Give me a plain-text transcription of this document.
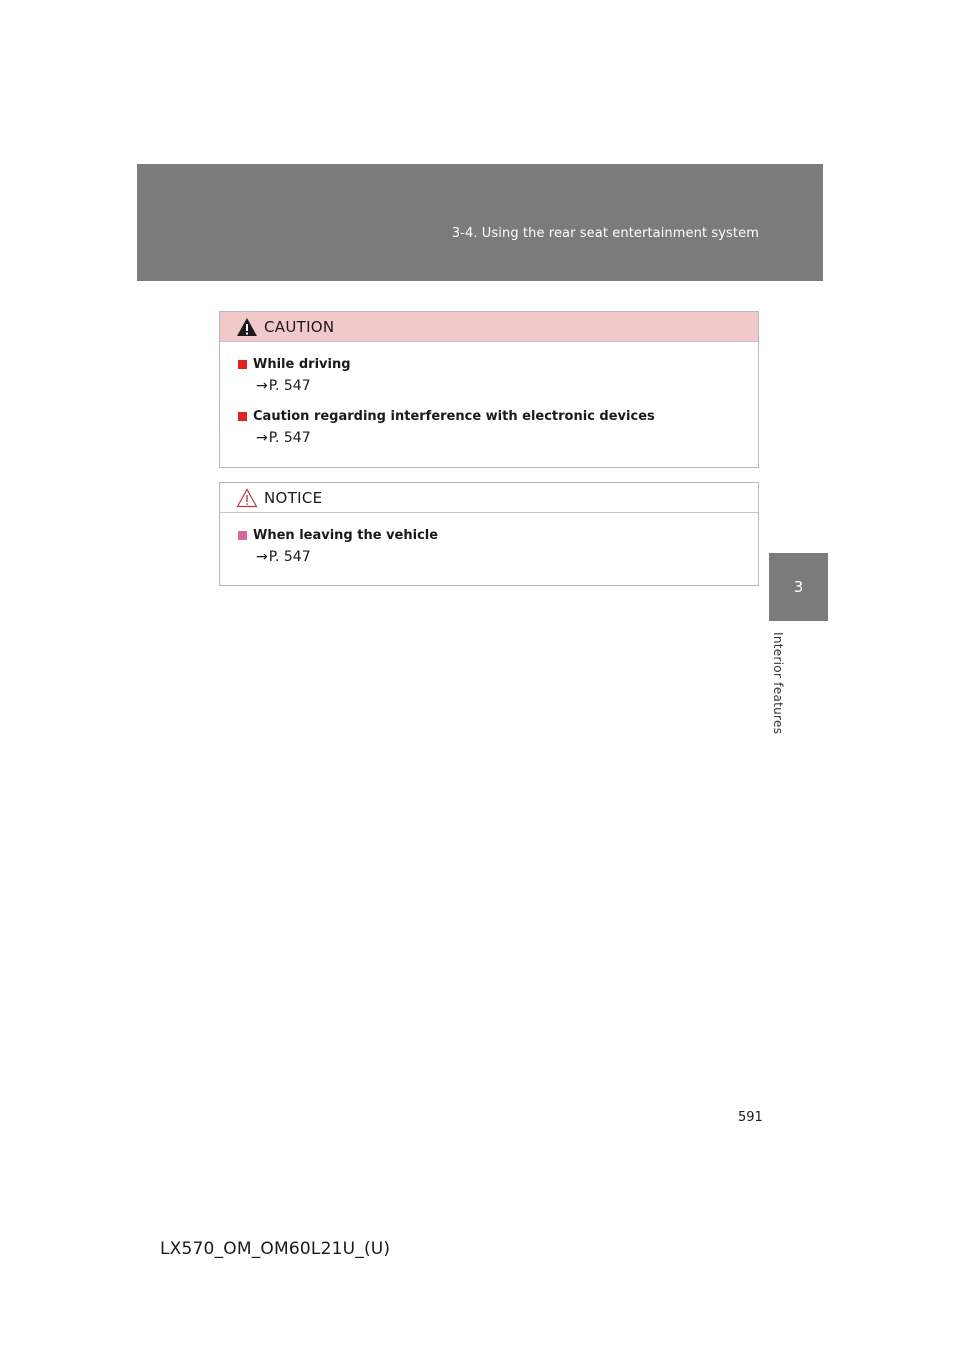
3-4. Using the rear seat entertainment system
3
Interior features
CAUTION
While driving
→P. 547
Caution regarding interference with electronic devices
→P. 547
NOTICE
When leaving the vehicle
→P. 547
591
LX570_OM_OM60L21U_(U)
